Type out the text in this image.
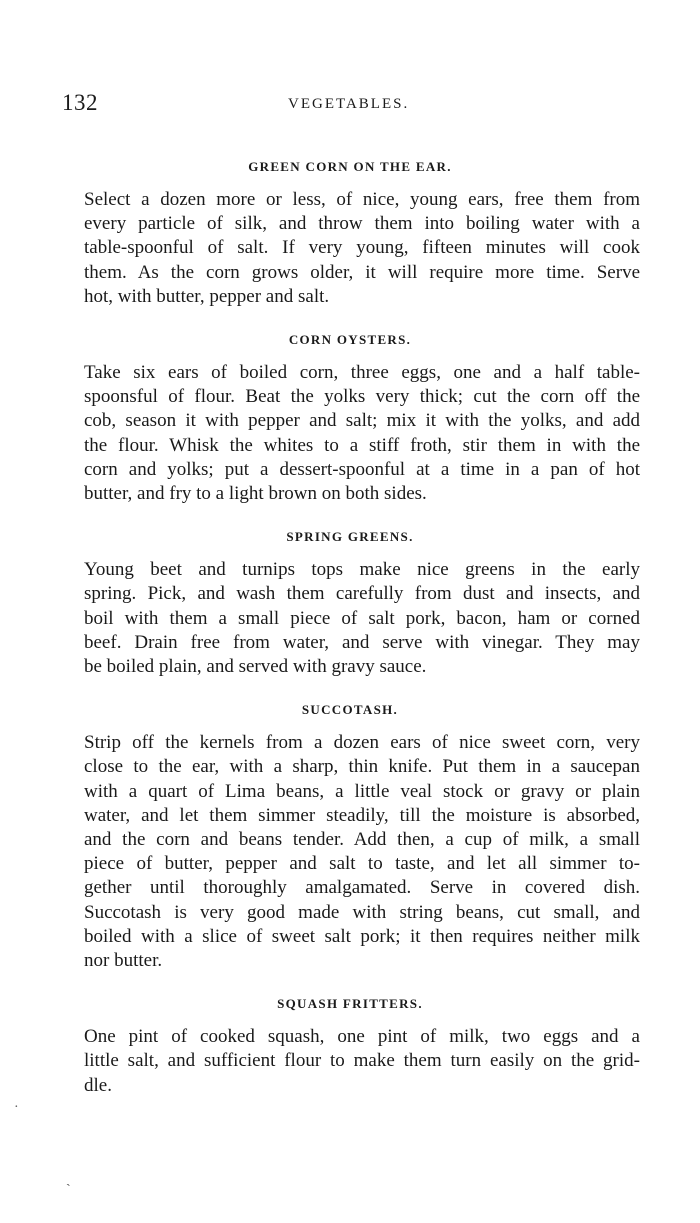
132	VEGETABLES.
GREEN CORN ON THE EAR.

Select a dozen more or less, of nice, young ears, free them from
every particle of silk, and throw them into boiling water with a
table-spoonful of salt. If very young, fifteen minutes will cook
them. As the corn grows older, it will require more time. Serve
hot, with butter, pepper and salt.

CORN OYSTERS.

Take six ears of boiled corn, three eggs, one and a half table-
spoonsful of flour. Beat the yolks very thick; cut the corn off the
cob, season it with pepper and salt; mix it with the yolks, and add
the flour. Whisk the whites to a stiff froth, stir them in with the
corn and yolks; put a dessert-spoonful at a time in a pan of hot
butter, and fry to a light brown on both sides.

SPRING GREENS.

Young beet and turnips tops make nice greens in the early
spring. Pick, and wash them carefully from dust and insects, and
boil with them a small piece of salt pork, bacon, ham or corned
beef. Drain free from water, and serve with vinegar. They may
be boiled plain, and served with gravy sauce.

SUCCOTASH.

Strip off the kernels from a dozen ears of nice sweet corn, very
close to the ear, with a sharp, thin knife. Put them in a saucepan
with a quart of Lima beans, a little veal stock or gravy or plain
water, and let them simmer steadily, till the moisture is absorbed,
and the corn and beans tender. Add then, a cup of milk, a small
piece of butter, pepper and salt to taste, and let all simmer to-
gether until thoroughly amalgamated. Serve in covered dish.
Succotash is very good made with string beans, cut small, and
boiled with a slice of sweet salt pork; it then requires neither milk
nor butter.

SQUASH FRITTERS.

One pint of cooked squash, one pint of milk, two eggs and a
little salt, and sufficient flour to make them turn easily on the grid-
dle.

·
ˏ
